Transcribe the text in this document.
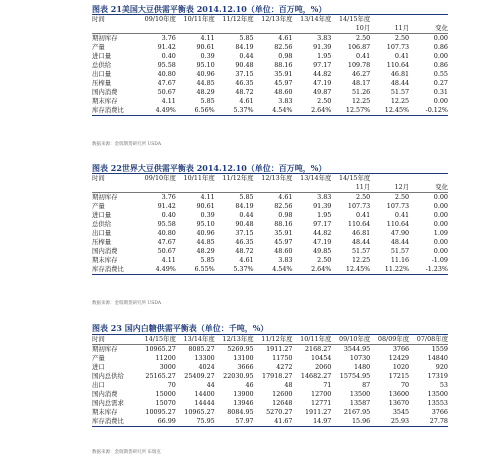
图表 21美国大豆供需平衡表 2014.12.10（单位：百万吨，%）
时间	09/10年度	10/11年度	11/12年度	12/13年度	13/14年度	14/15年度		
						10月	11月	变化
期初库存	3.76	4.11	5.85	4.61	3.83	2.50	2.50	0.00
产量	91.42	90.61	84.19	82.56	91.39	106.87	107.73	0.86
进口量	0.40	0.39	0.44	0.98	1.95	0.41	0.41	0.00
总供给	95.58	95.10	90.48	88.16	97.17	109.78	110.64	0.86
出口量	40.80	40.96	37.15	35.91	44.82	46.27	46.81	0.55
压榨量	47.67	44.85	46.35	45.97	47.19	48.17	48.44	0.27
国内消费	50.67	48.29	48.72	48.60	49.87	51.26	51.57	0.31
期末库存	4.11	5.85	4.61	3.83	2.50	12.25	12.25	0.00
库存消费比	4.49%	6.56%	5.37%	4.54%	2.64%	12.57%	12.45%	-0.12%
数据来源：金瑞期货研究所 USDA
图表 22世界大豆供需平衡表 2014.12.10（单位：百万吨，%）
时间	09/10年度	10/11年度	11/12年度	12/13年度	13/14年度	14/15年度		
						11月	12月	变化
期初库存	3.76	4.11	5.85	4.61	3.83	2.50	2.50	0.00
产量	91.42	90.61	84.19	82.56	91.39	107.73	107.73	0.00
进口量	0.40	0.39	0.44	0.98	1.95	0.41	0.41	0.00
总供给	95.58	95.10	90.48	88.16	97.17	110.64	110.64	0.00
出口量	40.80	40.96	37.15	35.91	44.82	46.81	47.90	1.09
压榨量	47.67	44.85	46.35	45.97	47.19	48.44	48.44	0.00
国内消费	50.67	48.29	48.72	48.60	49.85	51.57	51.57	0.00
期末库存	4.11	5.85	4.61	3.83	2.50	12.25	11.16	-1.09
库存消费比	4.49%	6.55%	5.37%	4.54%	2.64%	12.45%	11.22%	-1.23%
数据来源：金瑞期货研究所 USDA
图表 23 国内白糖供需平衡表（单位：千吨，%）
时间	14/15年度	13/14年度	12/13年度	11/12年度	10/11年度	09/10年度	08/09年度	07/08年度
期初库存	10965.27	8085.27	5269.95	1911.27	2168.27	3544.95	3766	1559
产量	11200	13300	13100	11750	10454	10730	12429	14840
进口	3000	4024	3666	4272	2060	1480	1020	920
国内总供给	25165.27	25409.27	22030.95	17918.27	14682.27	15754.95	17215	17319
出口	70	44	46	48	71	87	70	53
国内消费	15000	14400	13900	12600	12700	13500	13600	13500
国内总需求	15070	14444	13946	12648	12771	13587	13670	13553
期末库存	10095.27	10965.27	8084.95	5270.27	1911.27	2167.95	3545	3766
库存消费比	66.99	75.95	57.97	41.67	14.97	15.96	25.93	27.78
数据来源：金瑞期货研究所 布瑞克
